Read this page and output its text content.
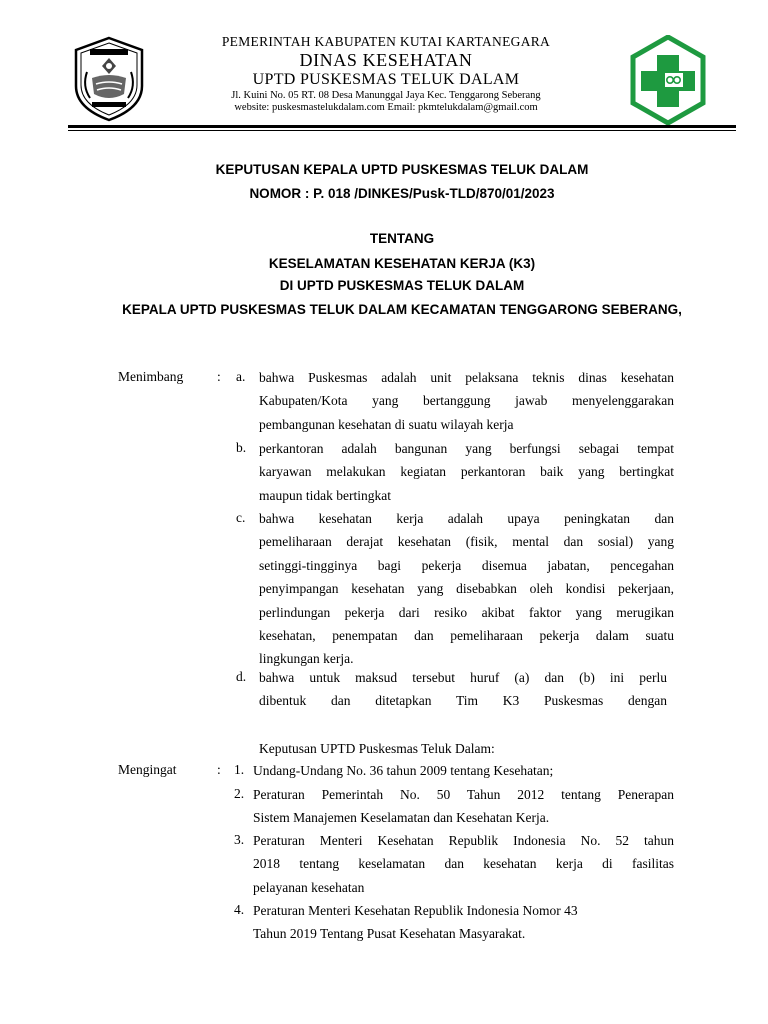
PEMERINTAH KABUPATEN KUTAI KARTANEGARA
DINAS KESEHATAN
UPTD PUSKESMAS TELUK DALAM
Jl. Kuini No. 05 RT. 08 Desa Manunggal Jaya Kec. Tenggarong Seberang
website: puskesmastelukdalam.com Email: pkmtelukdalam@gmail.com
KEPUTUSAN KEPALA UPTD PUSKESMAS TELUK DALAM
NOMOR : P. 018 /DINKES/Pusk-TLD/870/01/2023
TENTANG
KESELAMATAN KESEHATAN KERJA (K3)
DI UPTD PUSKESMAS TELUK DALAM
KEPALA UPTD PUSKESMAS TELUK DALAM KECAMATAN TENGGARONG SEBERANG,
Menimbang	: a. bahwa Puskesmas adalah unit pelaksana teknis dinas kesehatan
Kabupaten/Kota yang bertanggung jawab menyelenggarakan
pembangunan kesehatan di suatu wilayah kerja
b. perkantoran adalah bangunan yang berfungsi sebagai tempat
karyawan melakukan kegiatan perkantoran baik yang bertingkat
maupun tidak bertingkat
c. bahwa kesehatan kerja adalah upaya peningkatan dan
pemeliharaan derajat kesehatan (fisik, mental dan sosial) yang
setinggi-tingginya bagi pekerja disemua jabatan, pencegahan
penyimpangan kesehatan yang disebabkan oleh kondisi pekerjaan,
perlindungan pekerja dari resiko akibat faktor yang merugikan
kesehatan, penempatan dan pemeliharaan pekerja dalam suatu
lingkungan kerja.
d. bahwa untuk maksud tersebut huruf (a) dan (b) ini perlu
dibentuk dan ditetapkan Tim K3 Puskesmas dengan
Keputusan UPTD Puskesmas Teluk Dalam:
Mengingat	: 1. Undang-Undang No. 36 tahun 2009 tentang Kesehatan;
2. Peraturan Pemerintah No. 50 Tahun 2012 tentang Penerapan
Sistem Manajemen Keselamatan dan Kesehatan Kerja.
3. Peraturan Menteri Kesehatan Republik Indonesia No. 52 tahun
2018 tentang keselamatan dan kesehatan kerja di fasilitas
pelayanan kesehatan
4. Peraturan Menteri Kesehatan Republik Indonesia Nomor 43
Tahun 2019 Tentang Pusat Kesehatan Masyarakat.
